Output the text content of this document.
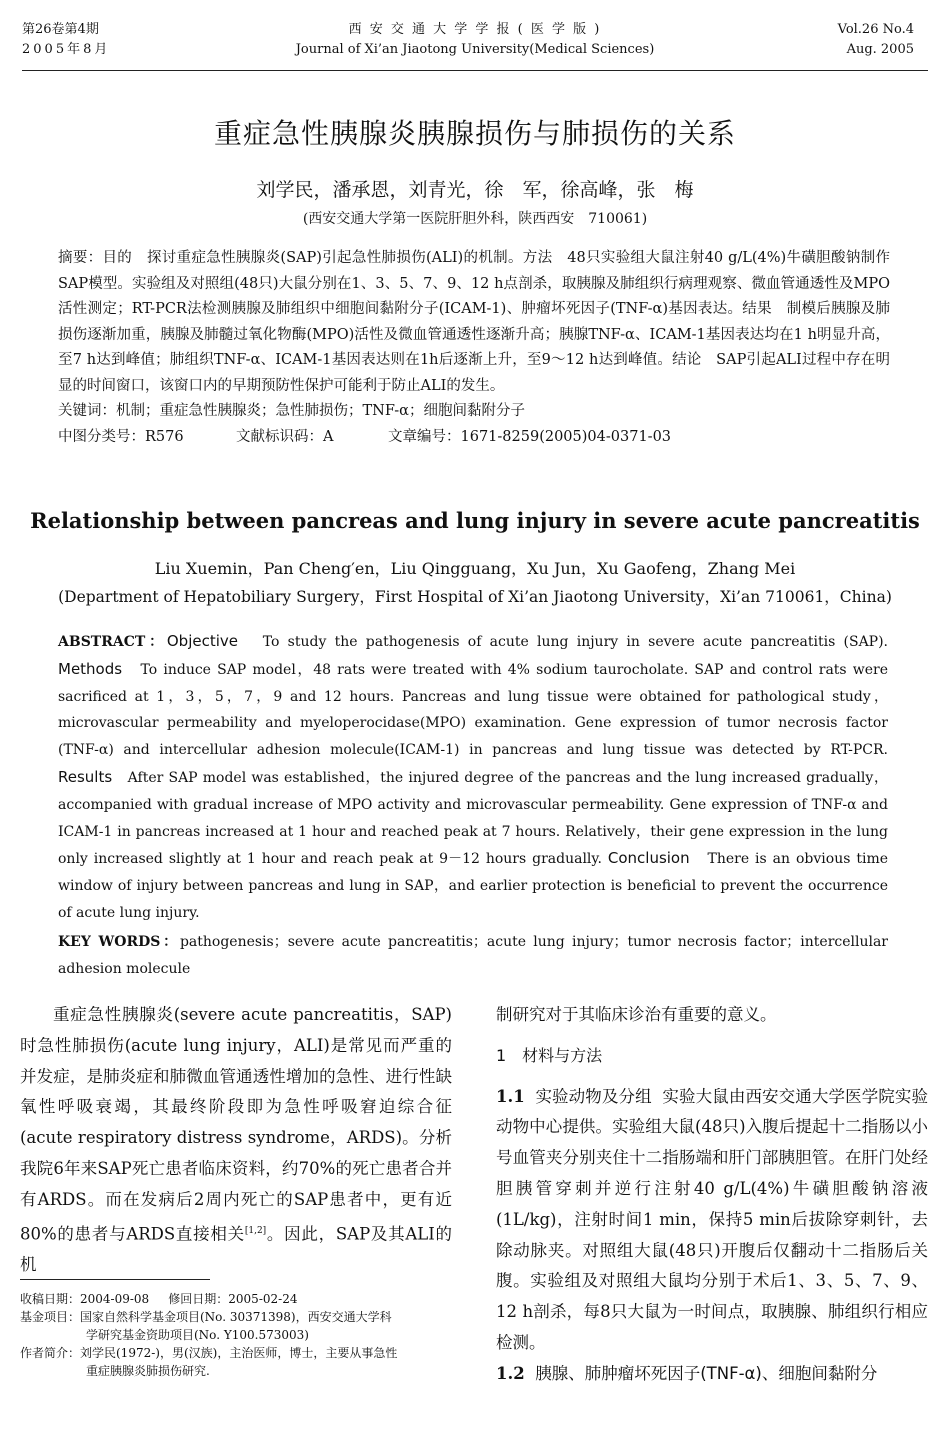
第26卷第4期
2005年8月
西 安 交 通 大 学 学 报 ( 医 学 版 )
Journal of Xi’an Jiaotong University(Medical Sciences)
Vol.26 No.4
Aug. 2005
重症急性胰腺炎胰腺损伤与肺损伤的关系
刘学民，潘承恩，刘青光，徐　军，徐高峰，张　梅
(西安交通大学第一医院肝胆外科，陕西西安　710061)

摘要：目的　探讨重症急性胰腺炎(SAP)引起急性肺损伤(ALI)的机制。方法　48只实验组大鼠注射40 g/L(4%)牛磺胆酸钠制作SAP模型。实验组及对照组(48只)大鼠分别在1、3、5、7、9、12 h点剖杀，取胰腺及肺组织行病理观察、微血管通透性及MPO活性测定；RT-PCR法检测胰腺及肺组织中细胞间黏附分子(ICAM-1)、肿瘤坏死因子(TNF-α)基因表达。结果　制模后胰腺及肺损伤逐渐加重，胰腺及肺髓过氧化物酶(MPO)活性及微血管通透性逐渐升高；胰腺TNF-α、ICAM-1基因表达均在1 h明显升高，至7 h达到峰值；肺组织TNF-α、ICAM-1基因表达则在1h后逐渐上升，至9～12 h达到峰值。结论　SAP引起ALI过程中存在明显的时间窗口，该窗口内的早期预防性保护可能利于防止ALI的发生。

关键词：机制；重症急性胰腺炎；急性肺损伤；TNF-α；细胞间黏附分子

中图分类号：R576	文献标识码：A	文章编号：1671-8259(2005)04-0371-03

Relationship between pancreas and lung injury in severe acute pancreatitis
Liu Xuemin，Pan Cheng′en，Liu Qingguang，Xu Jun，Xu Gaofeng，Zhang Mei
(Department of Hepatobiliary Surgery，First Hospital of Xi’an Jiaotong University，Xi’an 710061，China)

ABSTRACT：Objective To study the pathogenesis of acute lung injury in severe acute pancreatitis (SAP). Methods To induce SAP model，48 rats were treated with 4% sodium taurocholate. SAP and control rats were sacrificed at 1，3，5，7，9 and 12 hours. Pancreas and lung tissue were obtained for pathological study，microvascular permeability and myeloperocidase(MPO) examination. Gene expression of tumor necrosis factor (TNF-α) and intercellular adhesion molecule(ICAM-1) in pancreas and lung tissue was detected by RT-PCR. Results After SAP model was established，the injured degree of the pancreas and the lung increased gradually，accompanied with gradual increase of MPO activity and microvascular permeability. Gene expression of TNF-α and ICAM-1 in pancreas increased at 1 hour and reached peak at 7 hours. Relatively，their gene expression in the lung only increased slightly at 1 hour and reach peak at 9－12 hours gradually. Conclusion There is an obvious time window of injury between pancreas and lung in SAP，and earlier protection is beneficial to prevent the occurrence of acute lung injury.

KEY WORDS：pathogenesis；severe acute pancreatitis；acute lung injury；tumor necrosis factor；intercellular adhesion molecule

重症急性胰腺炎(severe acute pancreatitis，SAP)时急性肺损伤(acute lung injury，ALI)是常见而严重的并发症，是肺炎症和肺微血管通透性增加的急性、进行性缺氧性呼吸衰竭，其最终阶段即为急性呼吸窘迫综合征(acute respiratory distress syndrome，ARDS)。分析我院6年来SAP死亡患者临床资料，约70%的死亡患者合并有ARDS。而在发病后2周内死亡的SAP患者中，更有近80%的患者与ARDS直接相关[1,2]。因此，SAP及其ALI的机

收稿日期：2004-09-08 修回日期：2005-02-24

基金项目：国家自然科学基金项目(No. 30371398)，西安交通大学科

学研究基金资助项目(No. Y100.573003)

作者简介：刘学民(1972-)，男(汉族)，主治医师，博士，主要从事急性

重症胰腺炎肺损伤研究.

制研究对于其临床诊治有重要的意义。

1　材料与方法

1.1 实验动物及分组 实验大鼠由西安交通大学医学院实验动物中心提供。实验组大鼠(48只)入腹后提起十二指肠以小号血管夹分别夹住十二指肠端和肝门部胰胆管。在肝门处经胆胰管穿刺并逆行注射40 g/L(4%)牛磺胆酸钠溶液(1L/kg)，注射时间1 min，保持5 min后拔除穿刺针，去除动脉夹。对照组大鼠(48只)开腹后仅翻动十二指肠后关腹。实验组及对照组大鼠均分别于术后1、3、5、7、9、12 h剖杀，每8只大鼠为一时间点，取胰腺、肺组织行相应检测。

1.2 胰腺、肺肿瘤坏死因子(TNF-α)、细胞间黏附分
